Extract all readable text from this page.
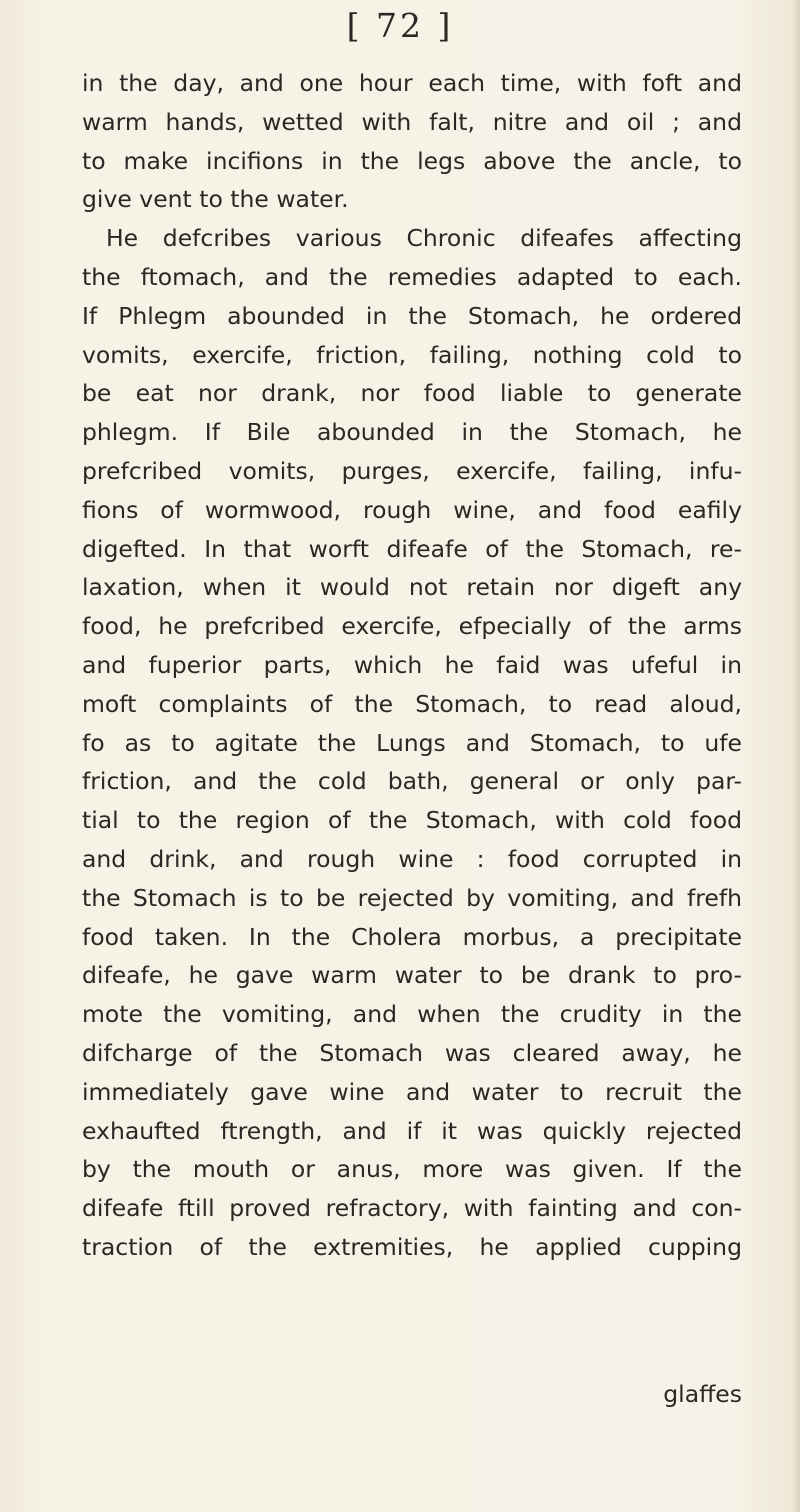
[ 72 ]
in the day, and one hour each time, with foft and
warm hands, wetted with falt, nitre and oil ; and
to make incifions in the legs above the ancle, to
give vent to the water.
He defcribes various Chronic difeafes affecting
the ftomach, and the remedies adapted to each.
If Phlegm abounded in the Stomach, he ordered
vomits, exercife, friction, failing, nothing cold to
be eat nor drank, nor food liable to generate
phlegm. If Bile abounded in the Stomach, he
prefcribed vomits, purges, exercife, failing, infu-
fions of wormwood, rough wine, and food eafily
digefted. In that worft difeafe of the Stomach, re-
laxation, when it would not retain nor digeft any
food, he prefcribed exercife, efpecially of the arms
and fuperior parts, which he faid was ufeful in
moft complaints of the Stomach, to read aloud,
fo as to agitate the Lungs and Stomach, to ufe
friction, and the cold bath, general or only par-
tial to the region of the Stomach, with cold food
and drink, and rough wine : food corrupted in
the Stomach is to be rejected by vomiting, and frefh
food taken. In the Cholera morbus, a precipitate
difeafe, he gave warm water to be drank to pro-
mote the vomiting, and when the crudity in the
difcharge of the Stomach was cleared away, he
immediately gave wine and water to recruit the
exhaufted ftrength, and if it was quickly rejected
by the mouth or anus, more was given. If the
difeafe ftill proved refractory, with fainting and con-
traction of the extremities, he applied cupping
glaffes
